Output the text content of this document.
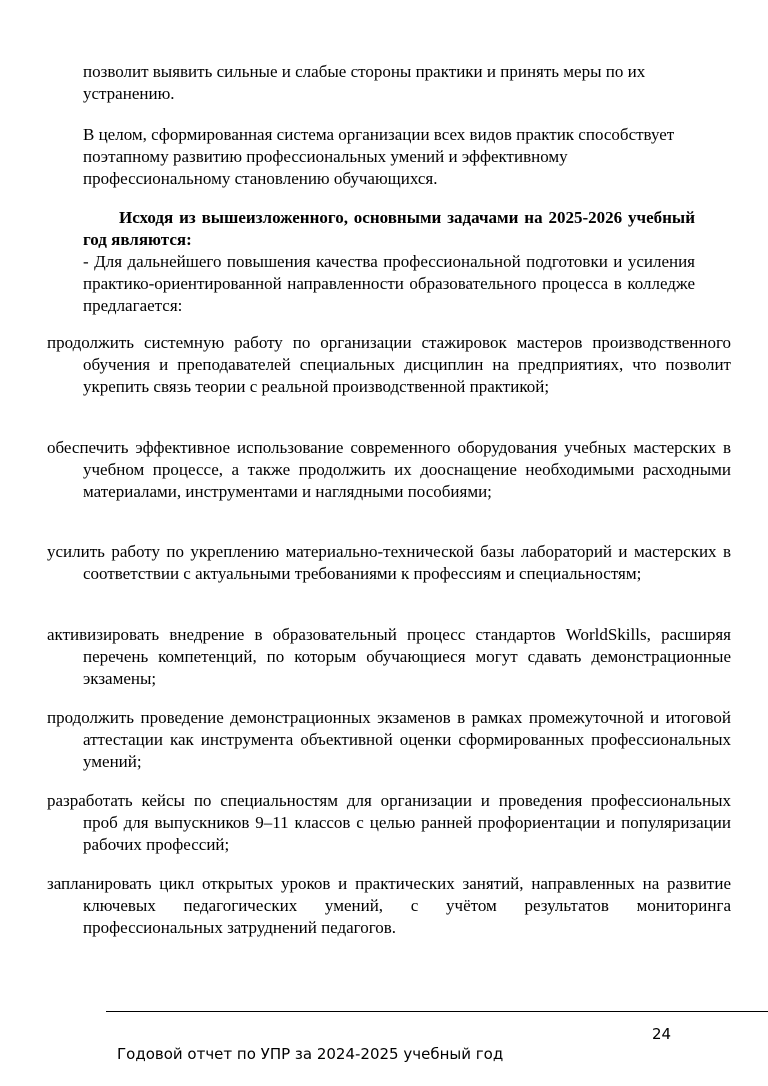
позволит выявить сильные и слабые стороны практики и принять меры по их устранению.

В целом, сформированная система организации всех видов практик способствует поэтапному развитию профессиональных умений и эффективному профессиональному становлению обучающихся.

Исходя из вышеизложенного, основными задачами на 2025-2026 учебный год являются:

- Для дальнейшего повышения качества профессиональной подготовки и усиления практико-ориентированной направленности образовательного процесса в колледже предлагается:

продолжить системную работу по организации стажировок мастеров производственного обучения и преподавателей специальных дисциплин на предприятиях, что позволит укрепить связь теории с реальной производственной практикой;

обеспечить эффективное использование современного оборудования учебных мастерских в учебном процессе, а также продолжить их дооснащение необходимыми расходными материалами, инструментами и наглядными пособиями;

усилить работу по укреплению материально-технической базы лабораторий и мастерских в соответствии с актуальными требованиями к профессиям и специальностям;

активизировать внедрение в образовательный процесс стандартов WorldSkills, расширяя перечень компетенций, по которым обучающиеся могут сдавать демонстрационные экзамены;

продолжить проведение демонстрационных экзаменов в рамках промежуточной и итоговой аттестации как инструмента объективной оценки сформированных профессиональных умений;

разработать кейсы по специальностям для организации и проведения профессиональных проб для выпускников 9–11 классов с целью ранней профориентации и популяризации рабочих профессий;

запланировать цикл открытых уроков и практических занятий, направленных на развитие ключевых педагогических умений, с учётом результатов мониторинга профессиональных затруднений педагогов.

24
Годовой отчет по УПР за 2024-2025 учебный год
